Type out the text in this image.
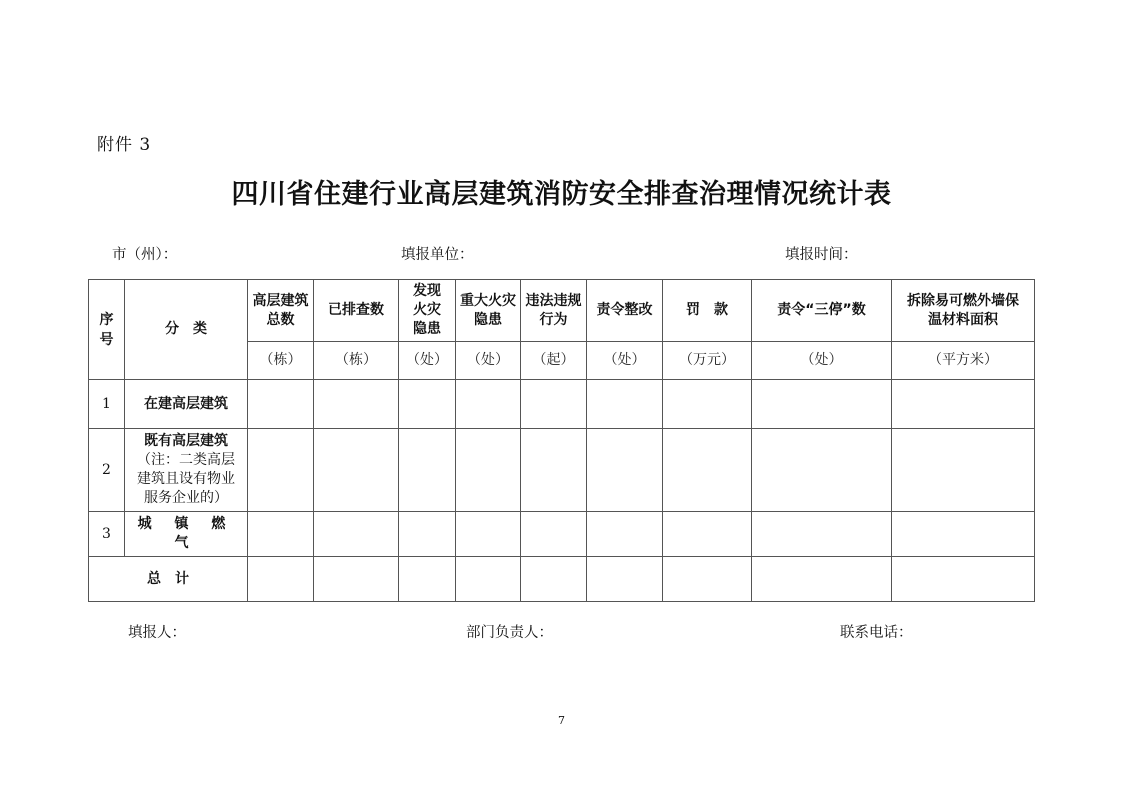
附件 3
四川省住建行业高层建筑消防安全排查治理情况统计表
市（州）：	填报单位：	填报时间：
序号	分　类	高层建筑总数	已排查数	发现火灾隐患	重大火灾隐患	违法违规行为	责令整改	罚　款	责令“三停”数	拆除易可燃外墙保温材料面积

		（栋）	（栋）	（处）	（处）	（起）	（处）	（万元）	（处）	（平方米）
1	在建高层建筑									
2	既有高层建筑
（注：二类高层建筑且设有物业服务企业的）									

3	城 镇 燃 气									
总　计										
填报人：	部门负责人：	联系电话：
7
